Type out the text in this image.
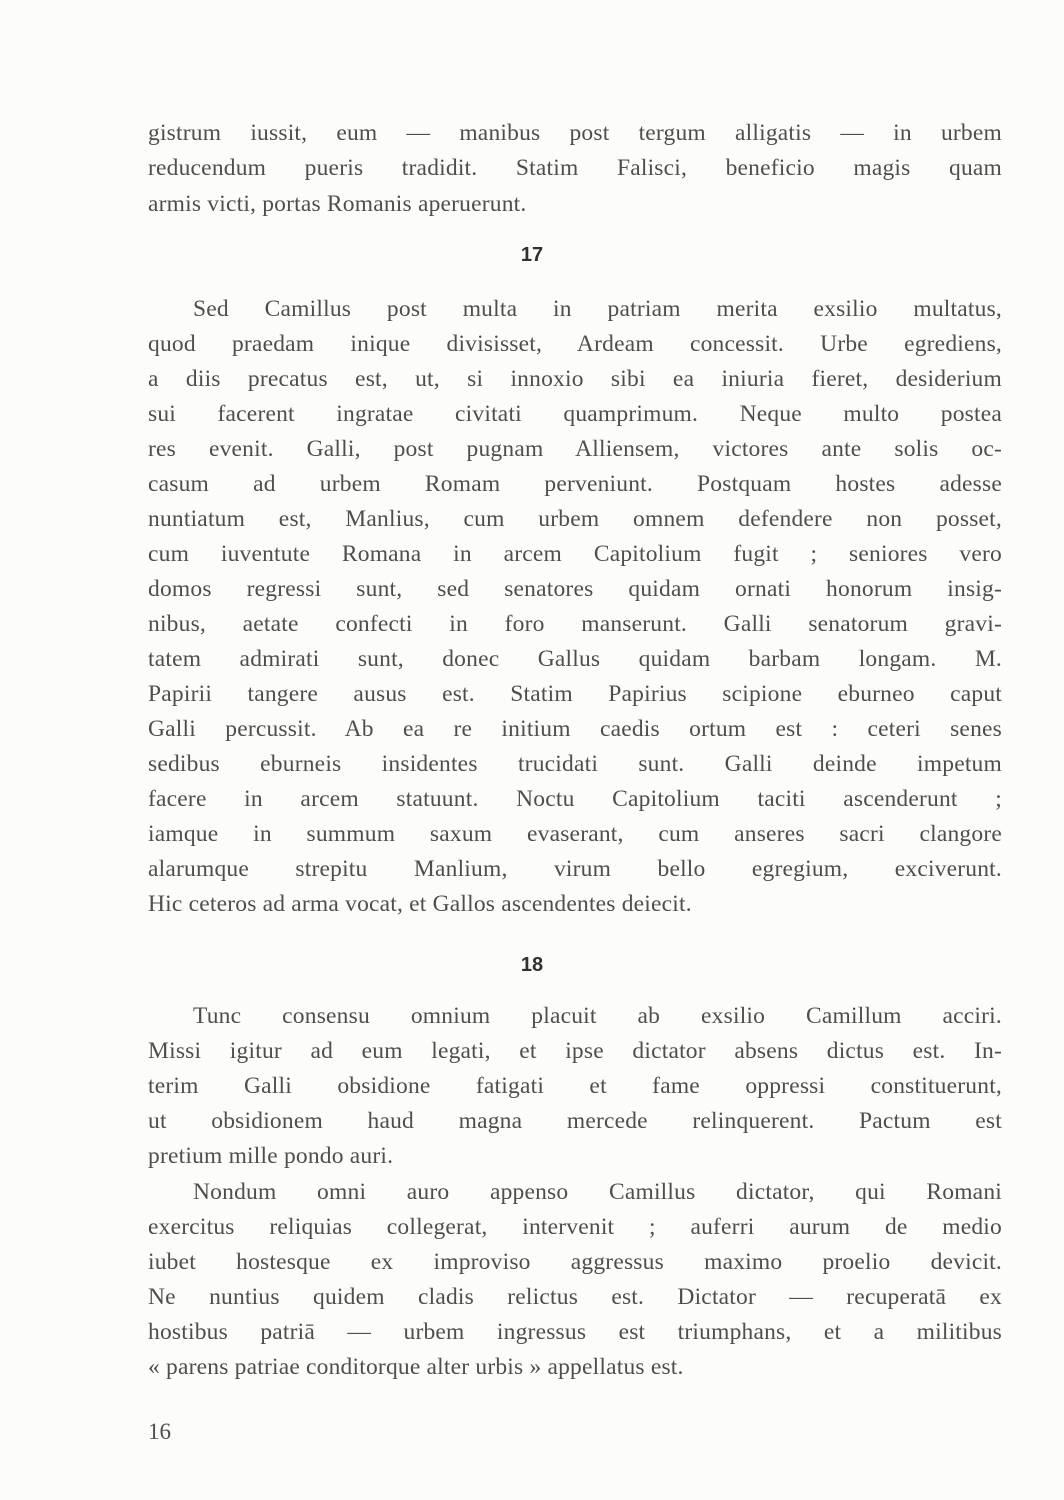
gistrum iussit, eum — manibus post tergum alligatis — in urbem
reducendum pueris tradidit. Statim Falisci, beneficio magis quam
armis victi, portas Romanis aperuerunt.
17
Sed Camillus post multa in patriam merita exsilio multatus,
quod praedam inique divisisset, Ardeam concessit. Urbe egrediens,
a diis precatus est, ut, si innoxio sibi ea iniuria fieret, desiderium
sui facerent ingratae civitati quamprimum. Neque multo postea
res evenit. Galli, post pugnam Alliensem, victores ante solis oc-
casum ad urbem Romam perveniunt. Postquam hostes adesse
nuntiatum est, Manlius, cum urbem omnem defendere non posset,
cum iuventute Romana in arcem Capitolium fugit ; seniores vero
domos regressi sunt, sed senatores quidam ornati honorum insig-
nibus, aetate confecti in foro manserunt. Galli senatorum gravi-
tatem admirati sunt, donec Gallus quidam barbam longam. M.
Papirii tangere ausus est. Statim Papirius scipione eburneo caput
Galli percussit. Ab ea re initium caedis ortum est : ceteri senes
sedibus eburneis insidentes trucidati sunt. Galli deinde impetum
facere in arcem statuunt. Noctu Capitolium taciti ascenderunt ;
iamque in summum saxum evaserant, cum anseres sacri clangore
alarumque strepitu Manlium, virum bello egregium, exciverunt.
Hic ceteros ad arma vocat, et Gallos ascendentes deiecit.
18
Tunc consensu omnium placuit ab exsilio Camillum acciri.
Missi igitur ad eum legati, et ipse dictator absens dictus est. In-
terim Galli obsidione fatigati et fame oppressi constituerunt,
ut obsidionem haud magna mercede relinquerent. Pactum est
pretium mille pondo auri.
Nondum omni auro appenso Camillus dictator, qui Romani
exercitus reliquias collegerat, intervenit ; auferri aurum de medio
iubet hostesque ex improviso aggressus maximo proelio devicit.
Ne nuntius quidem cladis relictus est. Dictator — recuperatā ex
hostibus patriā — urbem ingressus est triumphans, et a militibus
« parens patriae conditorque alter urbis » appellatus est.
16
